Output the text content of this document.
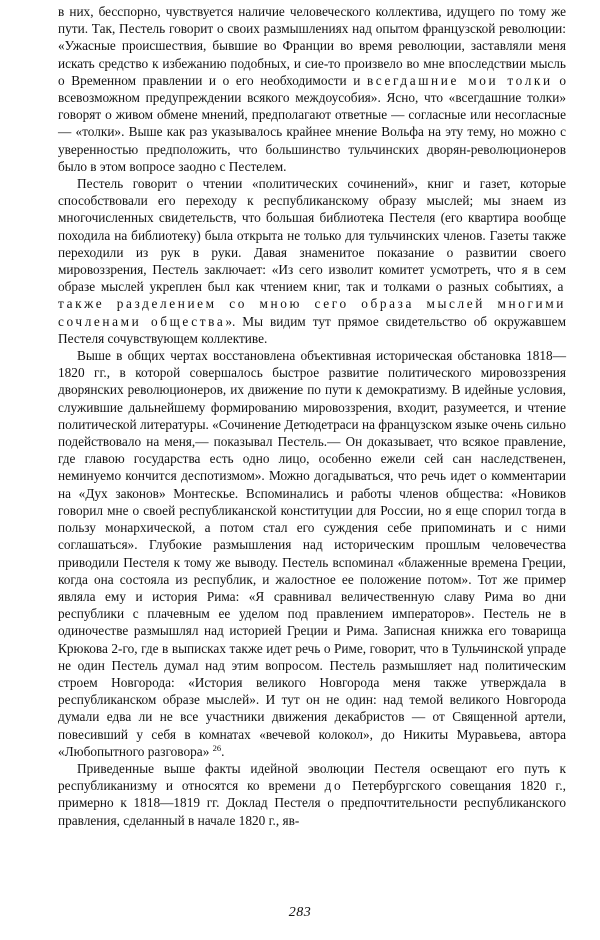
в них, бесспорно, чувствуется наличие человеческого коллектива, идущего по тому же пути. Так, Пестель говорит о своих размышлениях над опытом французской революции: «Ужасные происшествия, бывшие во Франции во время революции, заставляли меня искать средство к избежанию подобных, и сие-то произвело во мне впоследствии мысль о Временном правлении и о его необходимости и всегдашние мои толки о всевозможном предупреждении всякого междоусобия». Ясно, что «всегдашние толки» говорят о живом обмене мнений, предполагают ответные — согласные или несогласные — «толки». Выше как раз указывалось крайнее мнение Вольфа на эту тему, но можно с уверенностью предположить, что большинство тульчинских дворян-революционеров было в этом вопросе заодно с Пестелем.

Пестель говорит о чтении «политических сочинений», книг и газет, которые способствовали его переходу к республиканскому образу мыслей; мы знаем из многочисленных свидетельств, что большая библиотека Пестеля (его квартира вообще походила на библиотеку) была открыта не только для тульчинских членов. Газеты также переходили из рук в руки. Давая знаменитое показание о развитии своего мировоззрения, Пестель заключает: «Из сего изволит комитет усмотреть, что я в сем образе мыслей укреплен был как чтением книг, так и толками о разных событиях, а также разделением со мною сего образа мыслей многими сочленами общества». Мы видим тут прямое свидетельство об окружавшем Пестеля сочувствующем коллективе.

Выше в общих чертах восстановлена объективная историческая обстановка 1818—1820 гг., в которой совершалось быстрое развитие политического мировоззрения дворянских революционеров, их движение по пути к демократизму. В идейные условия, служившие дальнейшему формированию мировоззрения, входит, разумеется, и чтение политической литературы. «Сочинение Детюдетраси на французском языке очень сильно подействовало на меня,— показывал Пестель.— Он доказывает, что всякое правление, где главою государства есть одно лицо, особенно ежели сей сан наследственен, неминуемо кончится деспотизмом». Можно догадываться, что речь идет о комментарии на «Дух законов» Монтескье. Вспоминались и работы членов общества: «Новиков говорил мне о своей республиканской конституции для России, но я еще спорил тогда в пользу монархической, а потом стал его суждения себе припоминать и с ними соглашаться». Глубокие размышления над историческим прошлым человечества приводили Пестеля к тому же выводу. Пестель вспоминал «блаженные времена Греции, когда она состояла из республик, и жалостное ее положение потом». Тот же пример являла ему и история Рима: «Я сравнивал величественную славу Рима во дни республики с плачевным ее уделом под правлением императоров». Пестель не в одиночестве размышлял над историей Греции и Рима. Записная книжка его товарища Крюкова 2-го, где в выписках также идет речь о Риме, говорит, что в Тульчинской упраде не один Пестель думал над этим вопросом. Пестель размышляет над политическим строем Новгорода: «История великого Новгорода меня также утверждала в республиканском образе мыслей». И тут он не один: над темой великого Новгорода думали едва ли не все участники движения декабристов — от Священной артели, повесивший у себя в комнатах «вечевой колокол», до Никиты Муравьева, автора «Любопытного разговора» $^{26}$.

Приведенные выше факты идейной эволюции Пестеля освещают его путь к республиканизму и относятся ко времени до Петербургского совещания 1820 г., примерно к 1818—1819 гг. Доклад Пестеля о предпочтительности республиканского правления, сделанный в начале 1820 г., яв-

283
